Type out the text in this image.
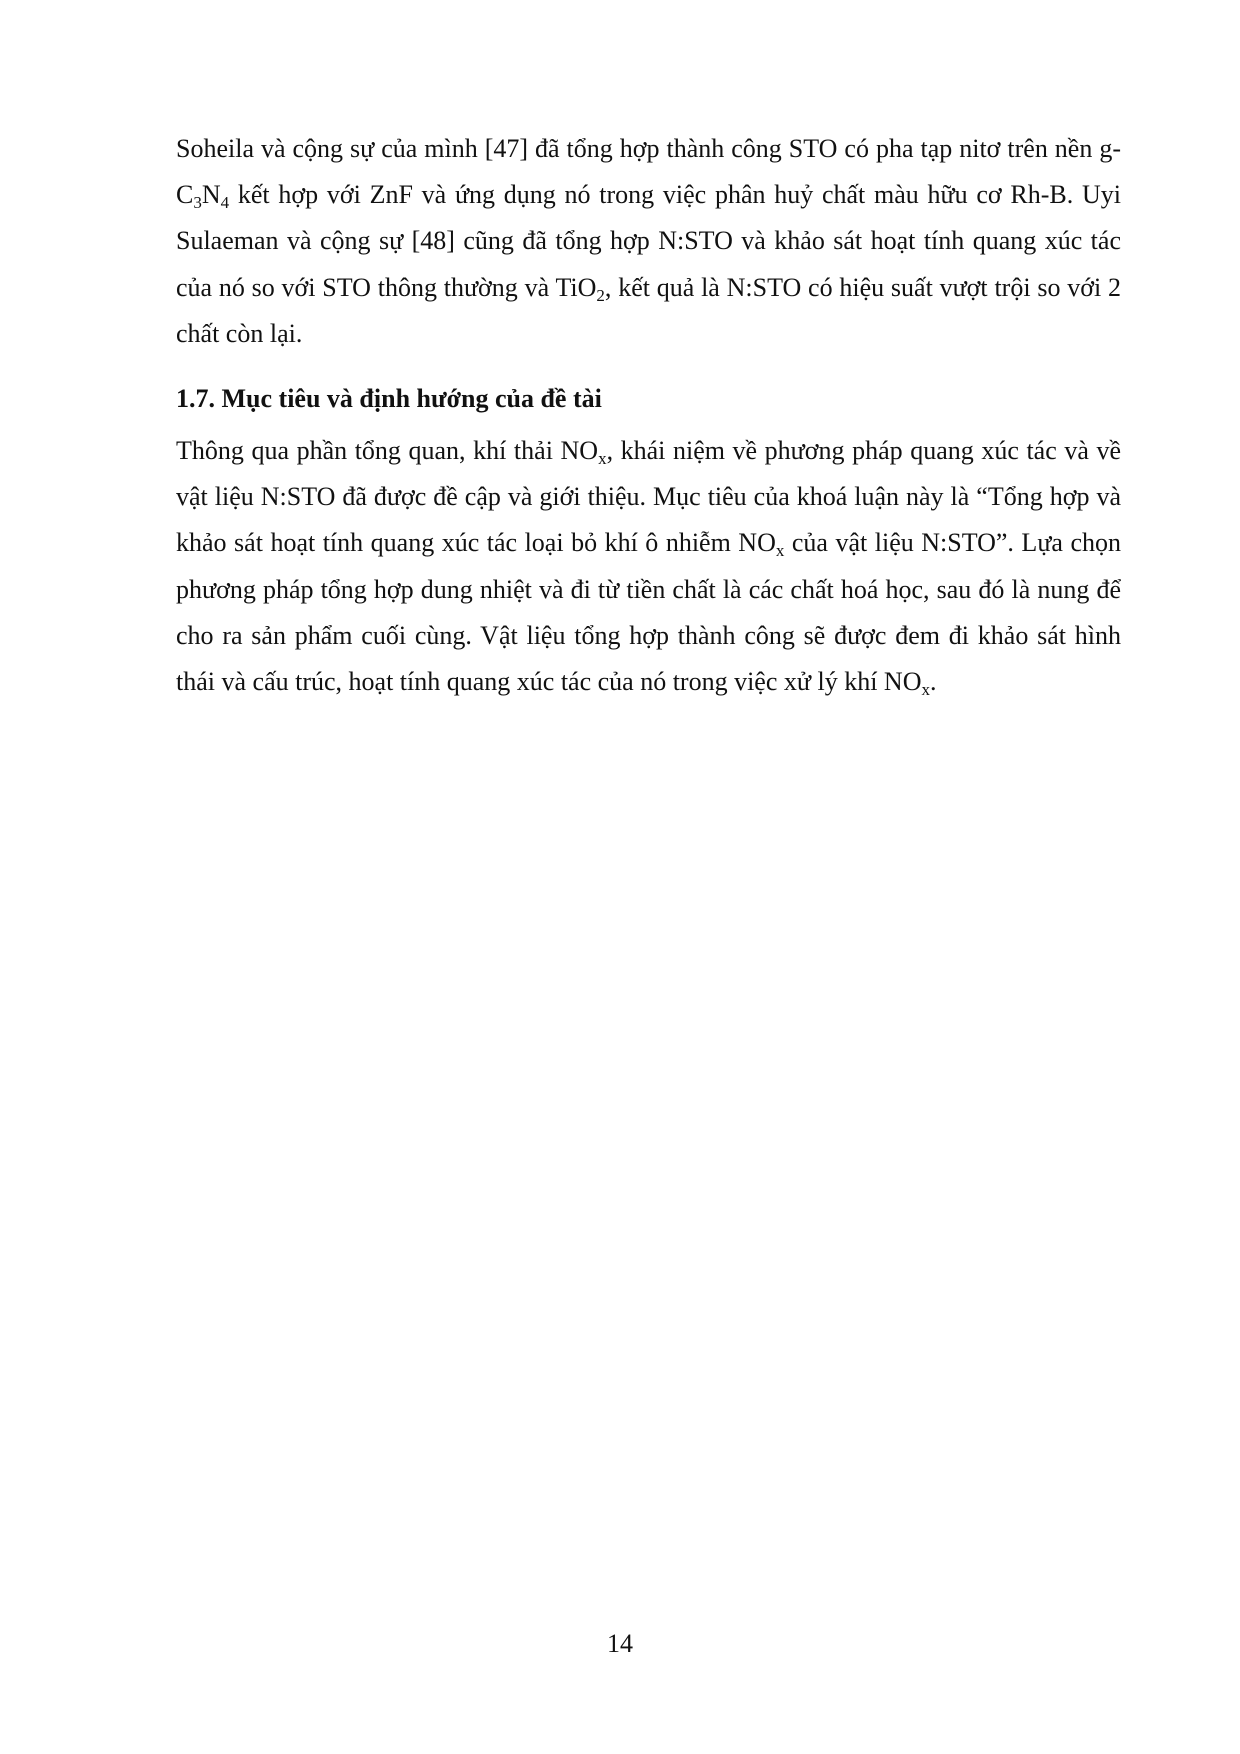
Soheila và cộng sự của mình [47] đã tổng hợp thành công STO có pha tạp nitơ trên nền $g-C_3N_4$ kết hợp với ZnF và ứng dụng nó trong việc phân huỷ chất màu hữu cơ Rh-B. Uyi Sulaeman và cộng sự [48] cũng đã tổng hợp N:STO và khảo sát hoạt tính quang xúc tác của nó so với STO thông thường và TiO$_2$, kết quả là N:STO có hiệu suất vượt trội so với 2 chất còn lại.

1.7. Mục tiêu và định hướng của đề tài

Thông qua phần tổng quan, khí thải $NO_x$, khái niệm về phương pháp quang xúc tác và về vật liệu N:STO đã được đề cập và giới thiệu. Mục tiêu của khoá luận này là “Tổng hợp và khảo sát hoạt tính quang xúc tác loại bỏ khí ô nhiễm $NO_x$ của vật liệu N:STO”. Lựa chọn phương pháp tổng hợp dung nhiệt và đi từ tiền chất là các chất hoá học, sau đó là nung để cho ra sản phẩm cuối cùng. Vật liệu tổng hợp thành công sẽ được đem đi khảo sát hình thái và cấu trúc, hoạt tính quang xúc tác của nó trong việc xử lý khí $NO_x$.

14
